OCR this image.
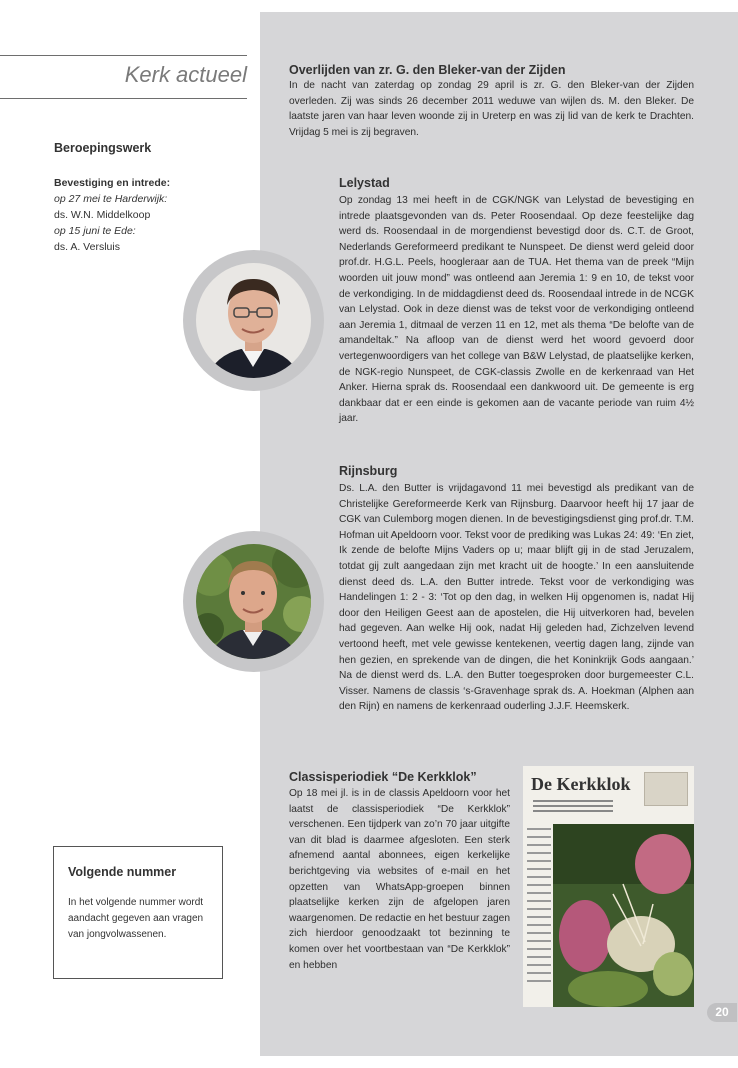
Kerk actueel
Beroepingswerk
Bevestiging en intrede:
op 27 mei te Harderwijk:
ds. W.N. Middelkoop
op 15 juni te Ede:
ds. A. Versluis
Volgende nummer

In het volgende nummer wordt aandacht gegeven aan vragen van jongvolwassenen.

Overlijden van zr. G. den Bleker-van der Zijden

In de nacht van zaterdag op zondag 29 april is zr. G. den Bleker-van der Zijden overleden. Zij was sinds 26 december 2011 weduwe van wijlen ds. M. den Bleker. De laatste jaren van haar leven woonde zij in Ureterp en was zij lid van de kerk te Drachten. Vrijdag 5 mei is zij begraven.

Lelystad

Op zondag 13 mei heeft in de CGK/NGK van Lelystad de bevestiging en intrede plaatsgevonden van ds. Peter Roosendaal. Op deze feestelijke dag werd ds. Roosendaal in de morgendienst bevestigd door ds. C.T. de Groot, Nederlands Gereformeerd predikant te Nunspeet. De dienst werd geleid door prof.dr. H.G.L. Peels, hoogleraar aan de TUA. Het thema van de preek “Mijn woorden uit jouw mond” was ontleend aan Jeremia 1: 9 en 10, de tekst voor de verkondiging. In de middagdienst deed ds. Roosendaal intrede in de NCGK van Lelystad. Ook in deze dienst was de tekst voor de verkondiging ontleend aan Jeremia 1, ditmaal de verzen 11 en 12, met als thema “De belofte van de amandeltak.” Na afloop van de dienst werd het woord gevoerd door vertegenwoordigers van het college van B&W Lelystad, de plaatselijke kerken, de NGK-regio Nunspeet, de CGK-classis Zwolle en de kerkenraad van Het Anker. Hierna sprak ds. Roosendaal een dankwoord uit. De gemeente is erg dankbaar dat er een einde is gekomen aan de vacante periode van ruim 4½ jaar.

Rijnsburg

Ds. L.A. den Butter is vrijdagavond 11 mei bevestigd als predikant van de Christelijke Gereformeerde Kerk van Rijnsburg. Daarvoor heeft hij 17 jaar de CGK van Culemborg mogen dienen. In de bevestigingsdienst ging prof.dr. T.M. Hofman uit Apeldoorn voor. Tekst voor de prediking was Lukas 24: 49: ‘En ziet, Ik zende de belofte Mijns Vaders op u; maar blijft gij in de stad Jeruzalem, totdat gij zult aangedaan zijn met kracht uit de hoogte.’ In een aansluitende dienst deed ds. L.A. den Butter intrede. Tekst voor de verkondiging was Handelingen 1: 2 - 3: ‘Tot op den dag, in welken Hij opgenomen is, nadat Hij door den Heiligen Geest aan de apostelen, die Hij uitverkoren had, bevelen had gegeven. Aan welke Hij ook, nadat Hij geleden had, Zichzelven levend vertoond heeft, met vele gewisse kentekenen, veertig dagen lang, zijnde van hen gezien, en sprekende van de dingen, die het Koninkrijk Gods aangaan.’ Na de dienst werd ds. L.A. den Butter toegesproken door burgemeester C.L. Visser. Namens de classis ‘s-Gravenhage sprak ds. A. Hoekman (Alphen aan den Rijn) en namens de kerkenraad ouderling J.J.F. Heemskerk.

Classisperiodiek “De Kerkklok”

Op 18 mei jl. is in de classis Apeldoorn voor het laatst de classisperiodiek “De Kerkklok” verschenen. Een tijdperk van zo’n 70 jaar uitgifte van dit blad is daarmee afgesloten. Een sterk afnemend aantal abonnees, eigen kerkelijke berichtgeving via websites of e-mail en het opzetten van WhatsApp-groepen binnen plaatselijke kerken zijn de afgelopen jaren waargenomen. De redactie en het bestuur zagen zich hierdoor genoodzaakt tot bezinning te komen over het voortbestaan van “De Kerkklok” en hebben

De Kerkklok
20
